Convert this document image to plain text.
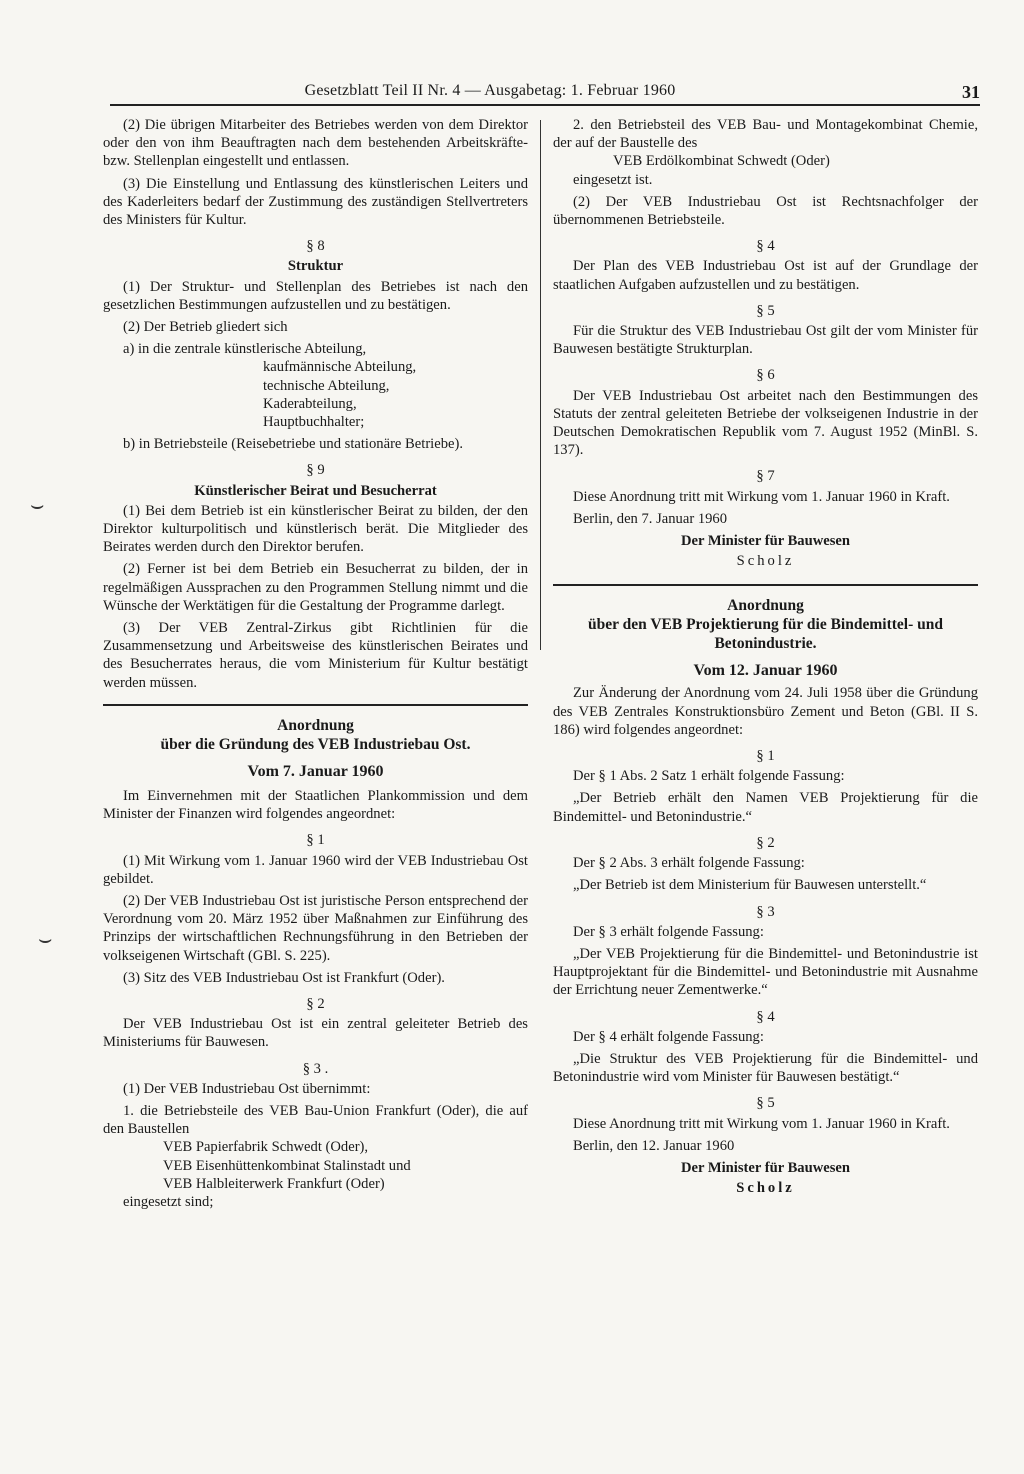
Gesetzblatt Teil II Nr. 4 — Ausgabetag: 1. Februar 1960	31
⌣
⌣

(2) Die übrigen Mitarbeiter des Betriebes werden von dem Direktor oder den von ihm Beauftragten nach dem bestehenden Arbeitskräfte- bzw. Stellenplan eingestellt und entlassen.

(3) Die Einstellung und Entlassung des künstlerischen Leiters und des Kaderleiters bedarf der Zustimmung des zuständigen Stellvertreters des Ministers für Kultur.

§ 8
Struktur

(1) Der Struktur- und Stellenplan des Betriebes ist nach den gesetzlichen Bestimmungen aufzustellen und zu bestätigen.

(2) Der Betrieb gliedert sich

a) in die zentrale künstlerische Abteilung,

kaufmännische Abteilung,

technische Abteilung,

Kaderabteilung,

Hauptbuchhalter;

b) in Betriebsteile (Reisebetriebe und stationäre Betriebe).

§ 9
Künstlerischer Beirat und Besucherrat

(1) Bei dem Betrieb ist ein künstlerischer Beirat zu bilden, der den Direktor kulturpolitisch und künstlerisch berät. Die Mitglieder des Beirates werden durch den Direktor berufen.

(2) Ferner ist bei dem Betrieb ein Besucherrat zu bilden, der in regelmäßigen Aussprachen zu den Programmen Stellung nimmt und die Wünsche der Werktätigen für die Gestaltung der Programme darlegt.

(3) Der VEB Zentral-Zirkus gibt Richtlinien für die Zusammensetzung und Arbeitsweise des künstlerischen Beirates und des Besucherrates heraus, die vom Ministerium für Kultur bestätigt werden müssen.

Anordnung

über die Gründung des VEB Industriebau Ost.

Vom 7. Januar 1960

Im Einvernehmen mit der Staatlichen Plankommission und dem Minister der Finanzen wird folgendes angeordnet:

§ 1

(1) Mit Wirkung vom 1. Januar 1960 wird der VEB Industriebau Ost gebildet.

(2) Der VEB Industriebau Ost ist juristische Person entsprechend der Verordnung vom 20. März 1952 über Maßnahmen zur Einführung des Prinzips der wirtschaftlichen Rechnungsführung in den Betrieben der volkseigenen Wirtschaft (GBl. S. 225).

(3) Sitz des VEB Industriebau Ost ist Frankfurt (Oder).

§ 2

Der VEB Industriebau Ost ist ein zentral geleiteter Betrieb des Ministeriums für Bauwesen.

§ 3 .

(1) Der VEB Industriebau Ost übernimmt:

1. die Betriebsteile des VEB Bau-Union Frankfurt (Oder), die auf den Baustellen

VEB Papierfabrik Schwedt (Oder),

VEB Eisenhüttenkombinat Stalinstadt und

VEB Halbleiterwerk Frankfurt (Oder)

eingesetzt sind;

2. den Betriebsteil des VEB Bau- und Montagekombinat Chemie, der auf der Baustelle des

VEB Erdölkombinat Schwedt (Oder)

eingesetzt ist.

(2) Der VEB Industriebau Ost ist Rechtsnachfolger der übernommenen Betriebsteile.

§ 4

Der Plan des VEB Industriebau Ost ist auf der Grundlage der staatlichen Aufgaben aufzustellen und zu bestätigen.

§ 5

Für die Struktur des VEB Industriebau Ost gilt der vom Minister für Bauwesen bestätigte Strukturplan.

§ 6

Der VEB Industriebau Ost arbeitet nach den Bestimmungen des Statuts der zentral geleiteten Betriebe der volkseigenen Industrie in der Deutschen Demokratischen Republik vom 7. August 1952 (MinBl. S. 137).

§ 7

Diese Anordnung tritt mit Wirkung vom 1. Januar 1960 in Kraft.

Berlin, den 7. Januar 1960

Der Minister für Bauwesen

Scholz

Anordnung

über den VEB Projektierung für die Bindemittel- und Betonindustrie.

Vom 12. Januar 1960

Zur Änderung der Anordnung vom 24. Juli 1958 über die Gründung des VEB Zentrales Konstruktionsbüro Zement und Beton (GBl. II S. 186) wird folgendes angeordnet:

§ 1

Der § 1 Abs. 2 Satz 1 erhält folgende Fassung:

„Der Betrieb erhält den Namen VEB Projektierung für die Bindemittel- und Betonindustrie.“

§ 2

Der § 2 Abs. 3 erhält folgende Fassung:

„Der Betrieb ist dem Ministerium für Bauwesen unterstellt.“

§ 3

Der § 3 erhält folgende Fassung:

„Der VEB Projektierung für die Bindemittel- und Betonindustrie ist Hauptprojektant für die Bindemittel- und Betonindustrie mit Ausnahme der Errichtung neuer Zementwerke.“

§ 4

Der § 4 erhält folgende Fassung:

„Die Struktur des VEB Projektierung für die Bindemittel- und Betonindustrie wird vom Minister für Bauwesen bestätigt.“

§ 5

Diese Anordnung tritt mit Wirkung vom 1. Januar 1960 in Kraft.

Berlin, den 12. Januar 1960

Der Minister für Bauwesen

Scholz
